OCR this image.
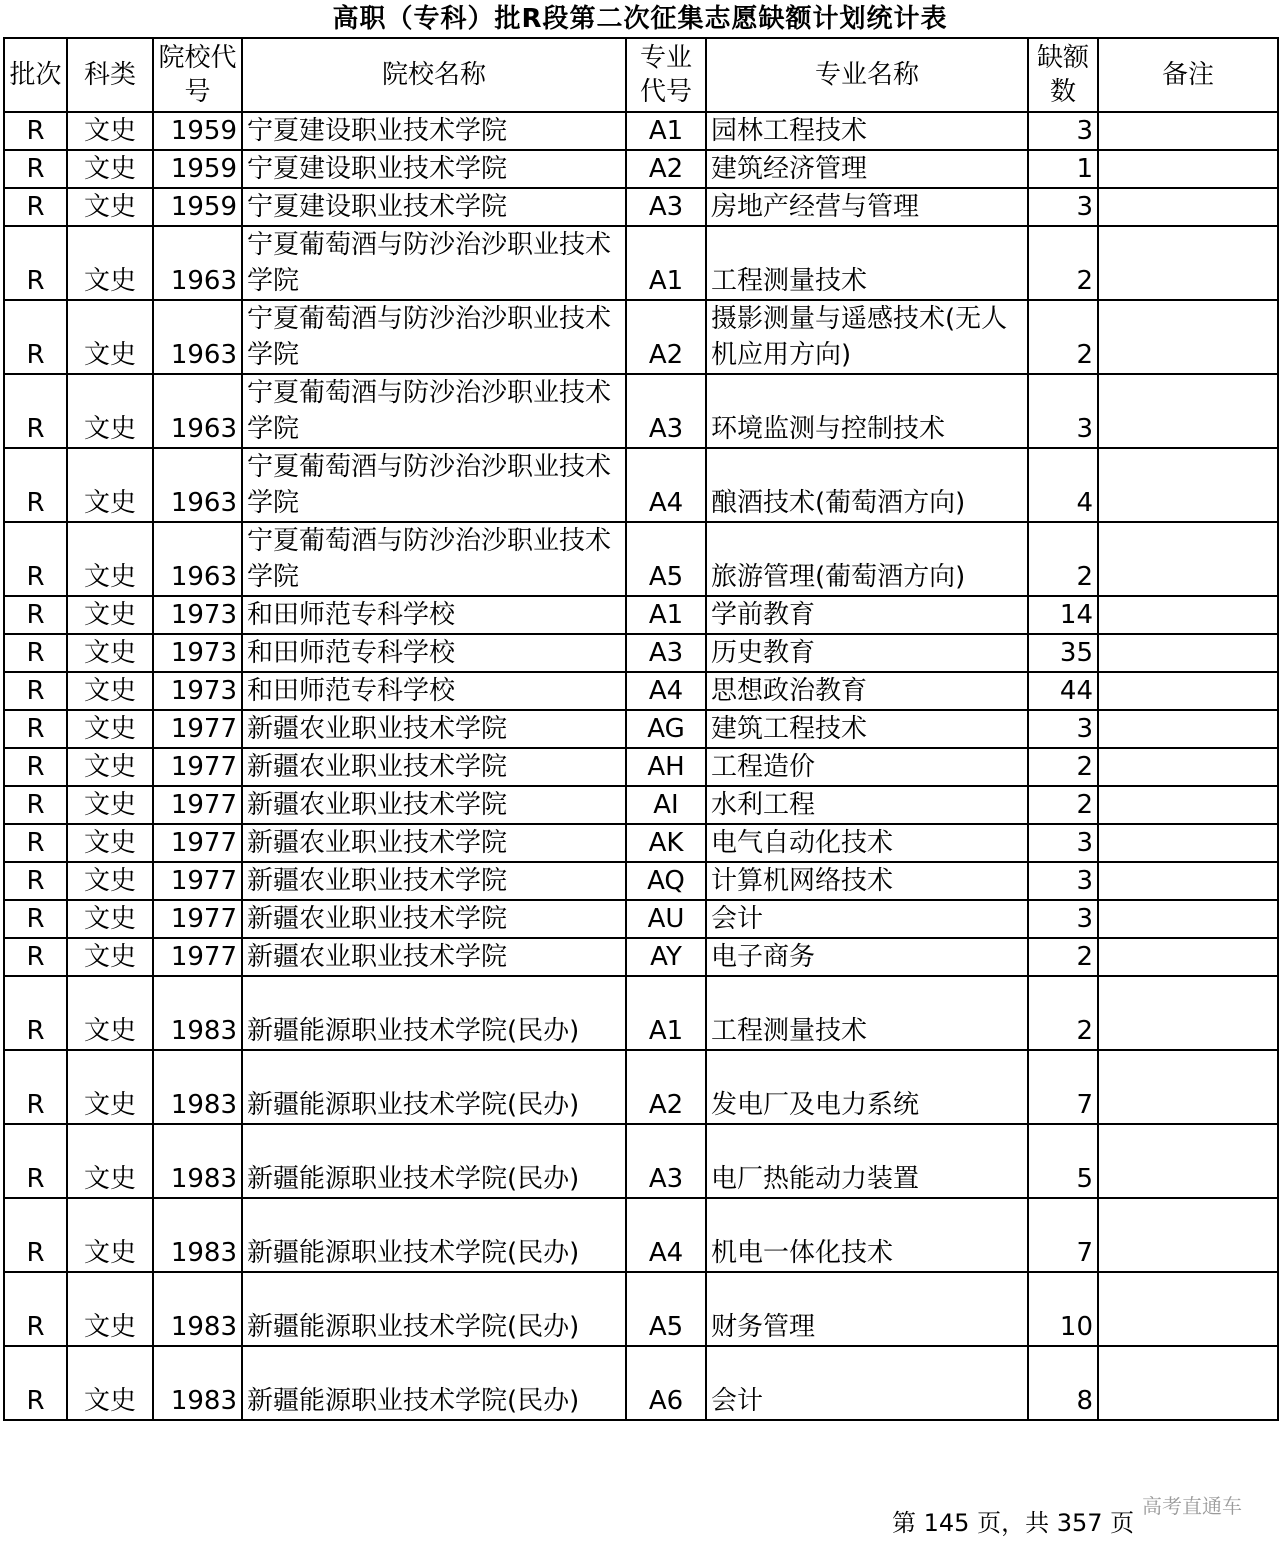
高职（专科）批R段第二次征集志愿缺额计划统计表
批次	科类	院校代号	院校名称	专业代号	专业名称	缺额数	备注
R	文史	1959	宁夏建设职业技术学院	A1	园林工程技术	3	
R	文史	1959	宁夏建设职业技术学院	A2	建筑经济管理	1	
R	文史	1959	宁夏建设职业技术学院	A3	房地产经营与管理	3	
R	文史	1963	宁夏葡萄酒与防沙治沙职业技术学院	A1	工程测量技术	2	
R	文史	1963	宁夏葡萄酒与防沙治沙职业技术学院	A2	摄影测量与遥感技术(无人机应用方向)	2	
R	文史	1963	宁夏葡萄酒与防沙治沙职业技术学院	A3	环境监测与控制技术	3	
R	文史	1963	宁夏葡萄酒与防沙治沙职业技术学院	A4	酿酒技术(葡萄酒方向)	4	
R	文史	1963	宁夏葡萄酒与防沙治沙职业技术学院	A5	旅游管理(葡萄酒方向)	2	
R	文史	1973	和田师范专科学校	A1	学前教育	14	
R	文史	1973	和田师范专科学校	A3	历史教育	35	
R	文史	1973	和田师范专科学校	A4	思想政治教育	44	
R	文史	1977	新疆农业职业技术学院	AG	建筑工程技术	3	
R	文史	1977	新疆农业职业技术学院	AH	工程造价	2	
R	文史	1977	新疆农业职业技术学院	AI	水利工程	2	
R	文史	1977	新疆农业职业技术学院	AK	电气自动化技术	3	
R	文史	1977	新疆农业职业技术学院	AQ	计算机网络技术	3	
R	文史	1977	新疆农业职业技术学院	AU	会计	3	
R	文史	1977	新疆农业职业技术学院	AY	电子商务	2	
R	文史	1983	新疆能源职业技术学院(民办)	A1	工程测量技术	2	
R	文史	1983	新疆能源职业技术学院(民办)	A2	发电厂及电力系统	7	
R	文史	1983	新疆能源职业技术学院(民办)	A3	电厂热能动力装置	5	
R	文史	1983	新疆能源职业技术学院(民办)	A4	机电一体化技术	7	
R	文史	1983	新疆能源职业技术学院(民办)	A5	财务管理	10	
R	文史	1983	新疆能源职业技术学院(民办)	A6	会计	8	
第 145 页，共 357 页
高考直通车
